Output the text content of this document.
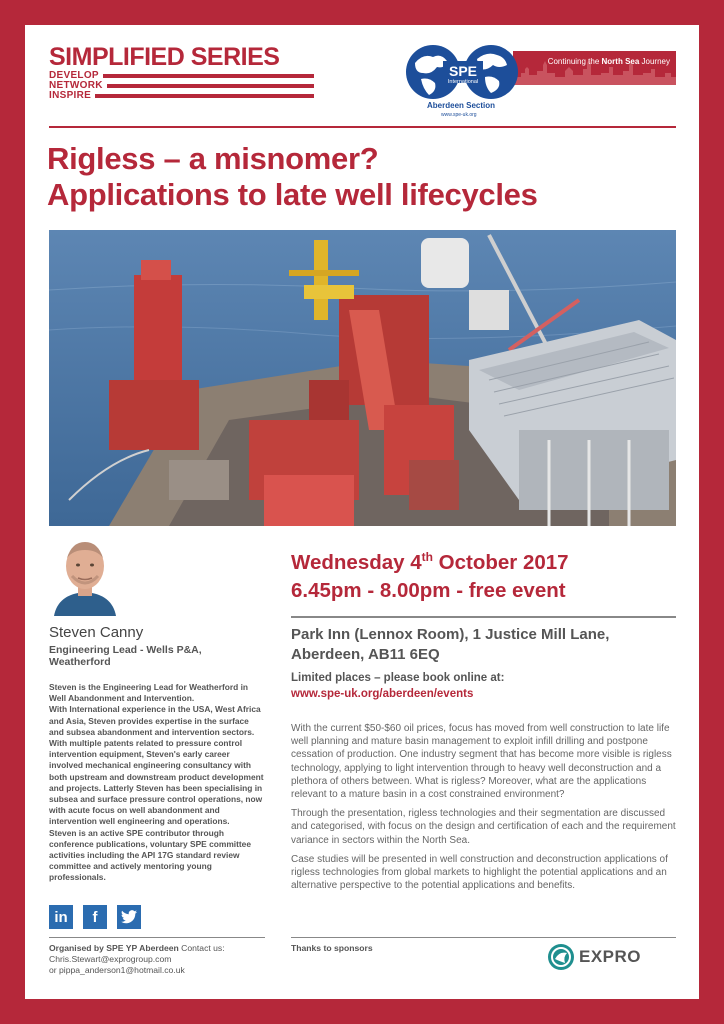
SIMPLIFIED SERIES
DEVELOP
NETWORK
INSPIRE
Continuing the North Sea Journey
SPE
International
Aberdeen Section
www.spe-uk.org
Rigless – a misnomer?
Applications to late well lifecycles
Steven Canny
Engineering Lead - Wells P&A, Weatherford
Steven is the Engineering Lead for Weatherford in Well Abandonment and Intervention.
With International experience in the USA, West Africa and Asia, Steven provides expertise in the surface and subsea abandonment and intervention sectors. With multiple patents related to pressure control intervention equipment, Steven's early career involved mechanical engineering consultancy with both upstream and downstream product development and projects. Latterly Steven has been specialising in subsea and surface pressure control operations, now with acute focus on well abandonment and intervention well engineering and operations.
Steven is an active SPE contributor through conference publications, voluntary SPE committee activities including the API 17G standard review committee and actively mentoring young professionals.
in	f
Organised by SPE YP Aberdeen Contact us:
Chris.Stewart@exprogroup.com
or pippa_anderson1@hotmail.co.uk
Wednesday 4th October 2017
6.45pm - 8.00pm - free event
Park Inn (Lennox Room), 1 Justice Mill Lane,
Aberdeen, AB11 6EQ
Limited places – please book online at:
www.spe-uk.org/aberdeen/events

With the current $50-$60 oil prices, focus has moved from well construction to late life well planning and mature basin management to exploit infill drilling and postpone cessation of production. One industry segment that has become more visible is rigless technology, applying to light intervention through to heavy well deconstruction and a plethora of others between. What is rigless? Moreover, what are the applications relevant to a mature basin in a cost constrained environment?

Through the presentation, rigless technologies and their segmentation are discussed and categorised, with focus on the design and certification of each and the requirement variance in sectors within the North Sea.

Case studies will be presented in well construction and deconstruction applications of rigless technologies from global markets to highlight the potential applications and an alternative perspective to the potential applications and benefits.

Thanks to sponsors	EXPRO
